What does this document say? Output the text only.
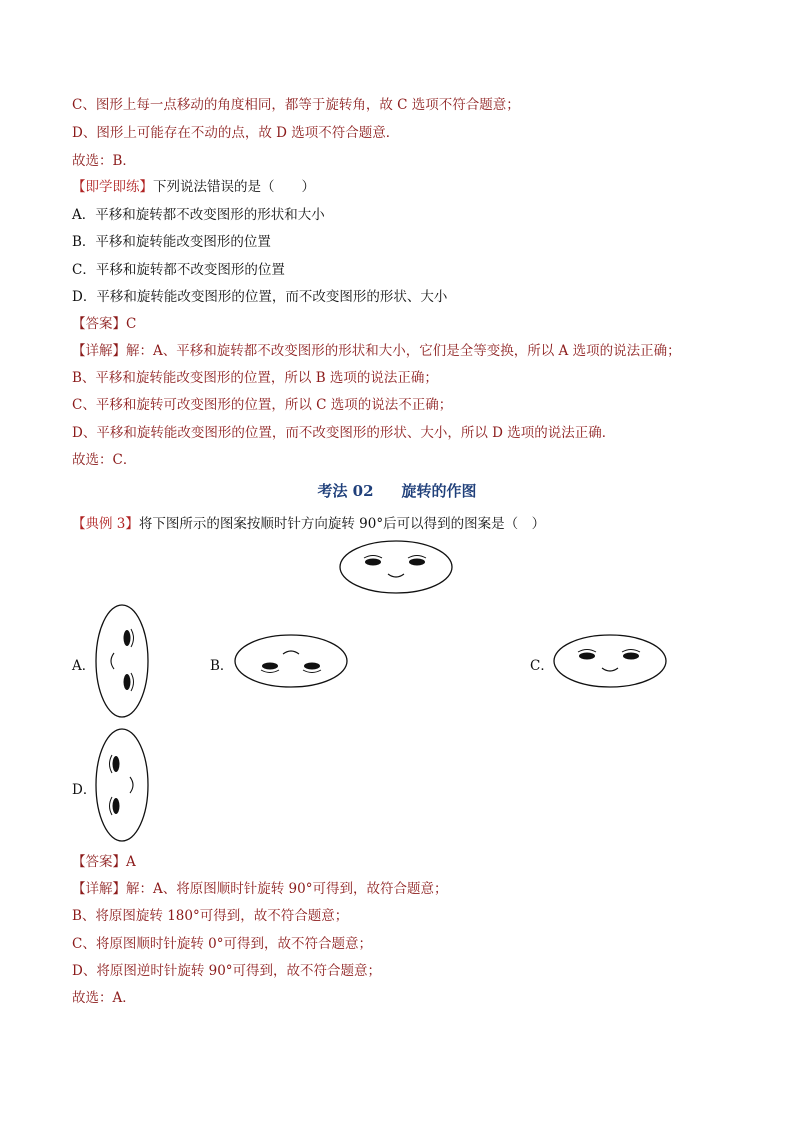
C、图形上每一点移动的角度相同，都等于旋转角，故 C 选项不符合题意；
D、图形上可能存在不动的点，故 D 选项不符合题意．
故选：B．
【即学即练】下列说法错误的是（　　）
A．平移和旋转都不改变图形的形状和大小
B．平移和旋转能改变图形的位置
C．平移和旋转都不改变图形的位置
D．平移和旋转能改变图形的位置，而不改变图形的形状、大小
【答案】C
【详解】解：A、平移和旋转都不改变图形的形状和大小，它们是全等变换，所以 A 选项的说法正确；
B、平移和旋转能改变图形的位置，所以 B 选项的说法正确；
C、平移和旋转可改变图形的位置，所以 C 选项的说法不正确；
D、平移和旋转能改变图形的位置，而不改变图形的形状、大小，所以 D 选项的说法正确．
故选：C．
考法 02 旋转的作图
【典例 3】将下图所示的图案按顺时针方向旋转 90°后可以得到的图案是（　）
A．	B．	C．
D．
【答案】A
【详解】解：A、将原图顺时针旋转 90°可得到，故符合题意；
B、将原图旋转 180°可得到，故不符合题意；
C、将原图顺时针旋转 0°可得到，故不符合题意；
D、将原图逆时针旋转 90°可得到，故不符合题意；
故选：A．
